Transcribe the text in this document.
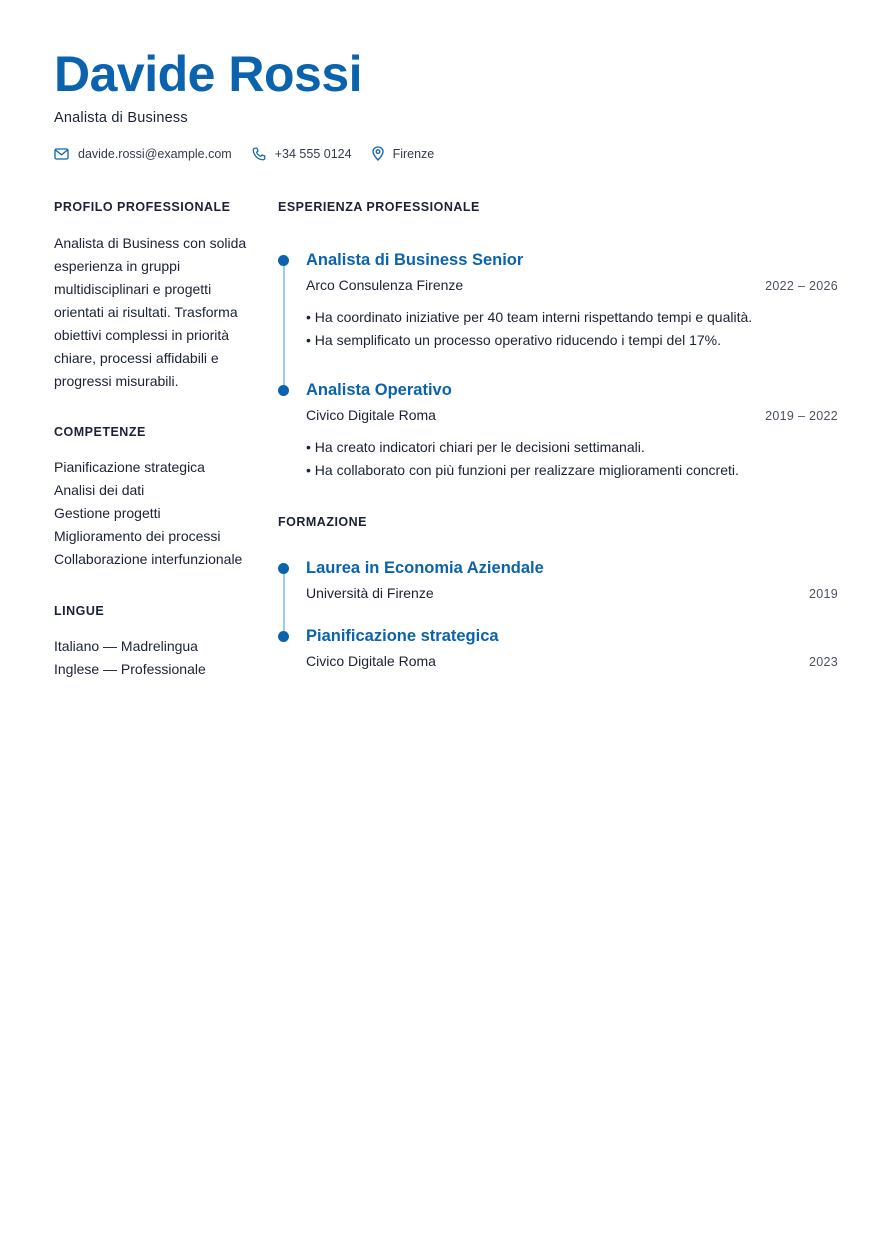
Davide Rossi
Analista di Business
davide.rossi@example.com	+34 555 0124	Firenze
PROFILO PROFESSIONALE

Analista di Business con solida esperienza in gruppi multidisciplinari e progetti orientati ai risultati. Trasforma obiettivi complessi in priorità chiare, processi affidabili e progressi misurabili.

COMPETENZE
Pianificazione strategica
Analisi dei dati
Gestione progetti
Miglioramento dei processi
Collaborazione interfunzionale
LINGUE
Italiano — Madrelingua
Inglese — Professionale
ESPERIENZA PROFESSIONALE
Analista di Business Senior
Arco Consulenza Firenze	2022 – 2026
• Ha coordinato iniziative per 40 team interni rispettando tempi e qualità.
• Ha semplificato un processo operativo riducendo i tempi del 17%.
Analista Operativo
Civico Digitale Roma	2019 – 2022
• Ha creato indicatori chiari per le decisioni settimanali.
• Ha collaborato con più funzioni per realizzare miglioramenti concreti.
FORMAZIONE
Laurea in Economia Aziendale
Università di Firenze	2019
Pianificazione strategica
Civico Digitale Roma	2023
